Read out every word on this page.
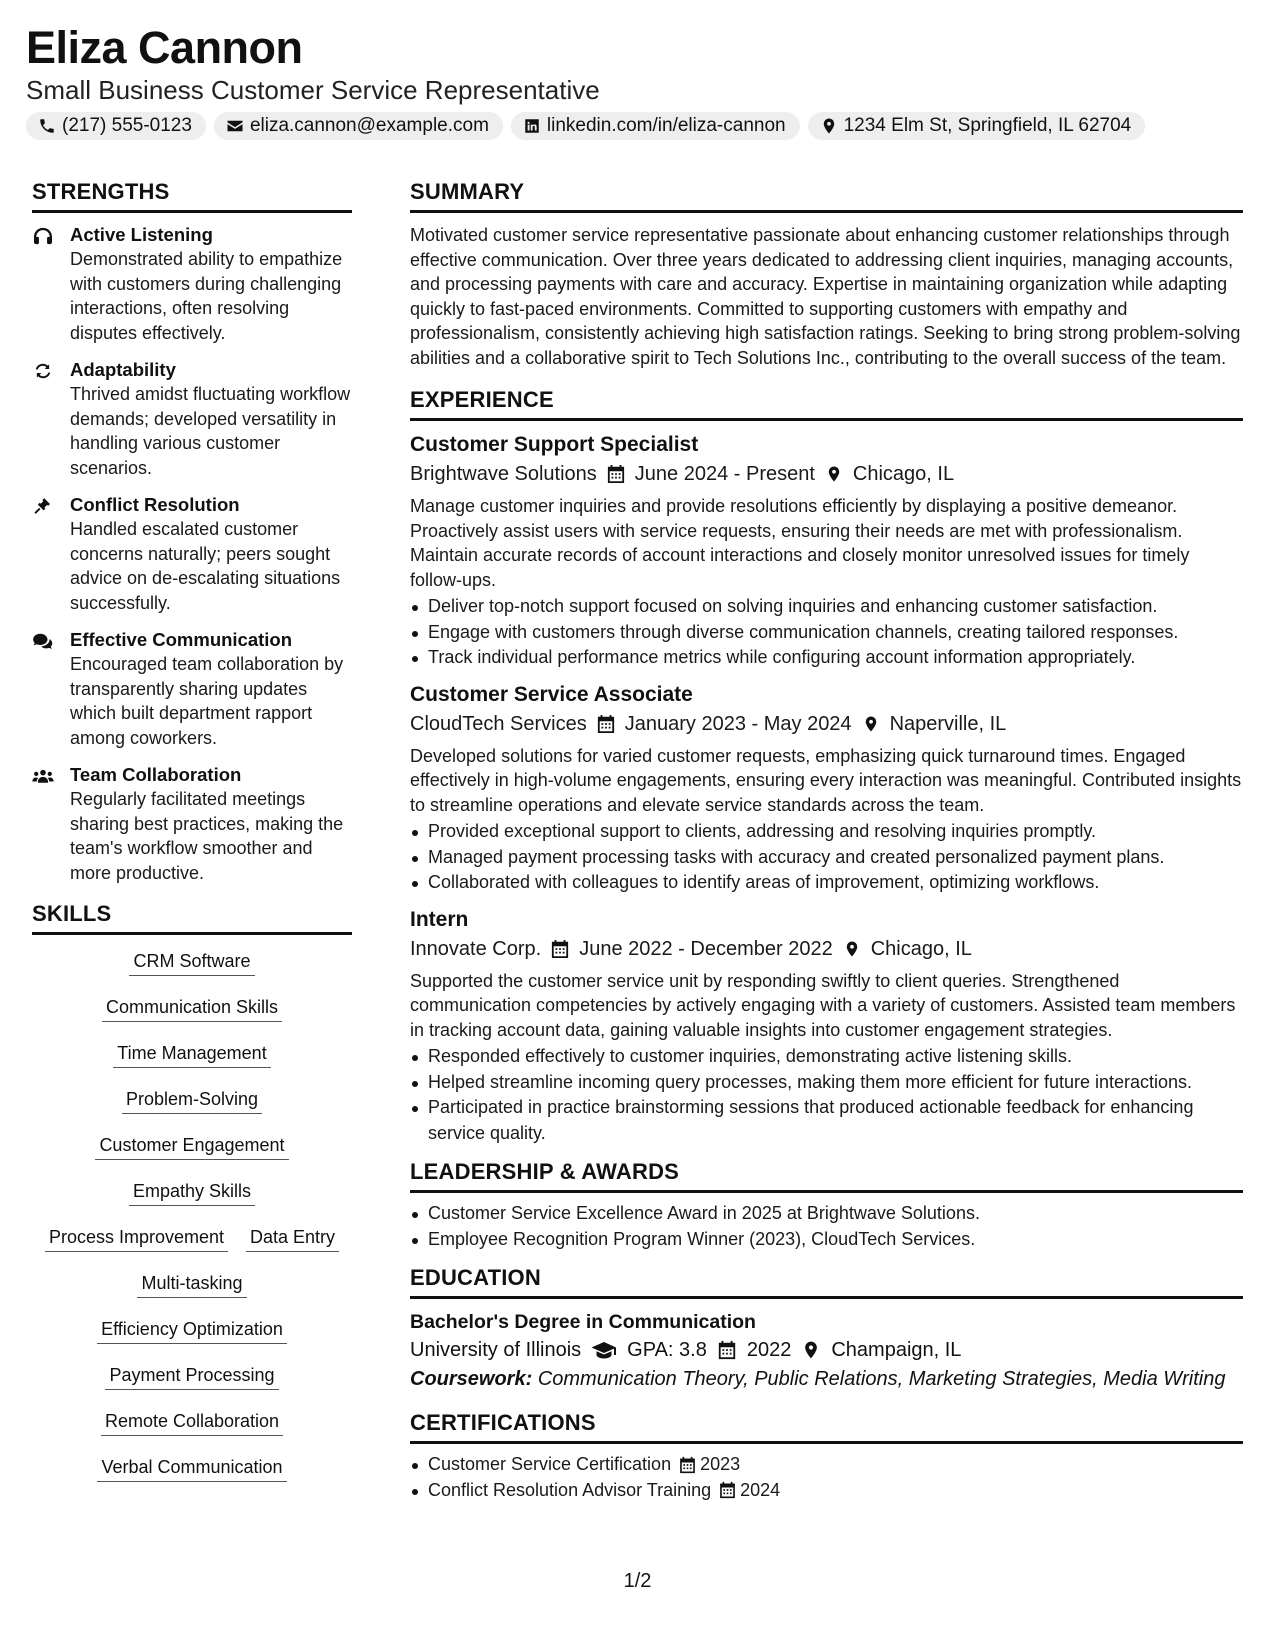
Eliza Cannon
Small Business Customer Service Representative
(217) 555-0123	eliza.cannon@example.com	linkedin.com/in/eliza-cannon	1234 Elm St, Springfield, IL 62704
STRENGTHS
Active Listening
Demonstrated ability to empathize with customers during challenging interactions, often resolving disputes effectively.
Adaptability
Thrived amidst fluctuating workflow demands; developed versatility in handling various customer scenarios.
Conflict Resolution
Handled escalated customer concerns naturally; peers sought advice on de-escalating situations successfully.
Effective Communication
Encouraged team collaboration by transparently sharing updates which built department rapport among coworkers.
Team Collaboration
Regularly facilitated meetings sharing best practices, making the team's workflow smoother and more productive.
SKILLS
CRM Software
Communication Skills
Time Management
Problem-Solving
Customer Engagement
Empathy Skills
Process Improvement Data Entry
Multi-tasking
Efficiency Optimization
Payment Processing
Remote Collaboration
Verbal Communication
SUMMARY
Motivated customer service representative passionate about enhancing customer relationships through effective communication. Over three years dedicated to addressing client inquiries, managing accounts, and processing payments with care and accuracy. Expertise in maintaining organization while adapting quickly to fast-paced environments. Committed to supporting customers with empathy and professionalism, consistently achieving high satisfaction ratings. Seeking to bring strong problem-solving abilities and a collaborative spirit to Tech Solutions Inc., contributing to the overall success of the team.
EXPERIENCE
Customer Support Specialist
Brightwave Solutions June 2024 - Present Chicago, IL
Manage customer inquiries and provide resolutions efficiently by displaying a positive demeanor. Proactively assist users with service requests, ensuring their needs are met with professionalism. Maintain accurate records of account interactions and closely monitor unresolved issues for timely follow-ups.
Deliver top-notch support focused on solving inquiries and enhancing customer satisfaction.
Engage with customers through diverse communication channels, creating tailored responses.
Track individual performance metrics while configuring account information appropriately.
Customer Service Associate
CloudTech Services January 2023 - May 2024 Naperville, IL
Developed solutions for varied customer requests, emphasizing quick turnaround times. Engaged effectively in high-volume engagements, ensuring every interaction was meaningful. Contributed insights to streamline operations and elevate service standards across the team.
Provided exceptional support to clients, addressing and resolving inquiries promptly.
Managed payment processing tasks with accuracy and created personalized payment plans.
Collaborated with colleagues to identify areas of improvement, optimizing workflows.
Intern
Innovate Corp. June 2022 - December 2022 Chicago, IL
Supported the customer service unit by responding swiftly to client queries. Strengthened communication competencies by actively engaging with a variety of customers. Assisted team members in tracking account data, gaining valuable insights into customer engagement strategies.
Responded effectively to customer inquiries, demonstrating active listening skills.
Helped streamline incoming query processes, making them more efficient for future interactions.
Participated in practice brainstorming sessions that produced actionable feedback for enhancing service quality.
LEADERSHIP & AWARDS
Customer Service Excellence Award in 2025 at Brightwave Solutions.
Employee Recognition Program Winner (2023), CloudTech Services.
EDUCATION
Bachelor's Degree in Communication
University of Illinois GPA: 3.8 2022 Champaign, IL
Coursework: Communication Theory, Public Relations, Marketing Strategies, Media Writing
CERTIFICATIONS
Customer Service Certification 2023
Conflict Resolution Advisor Training 2024
1/2
